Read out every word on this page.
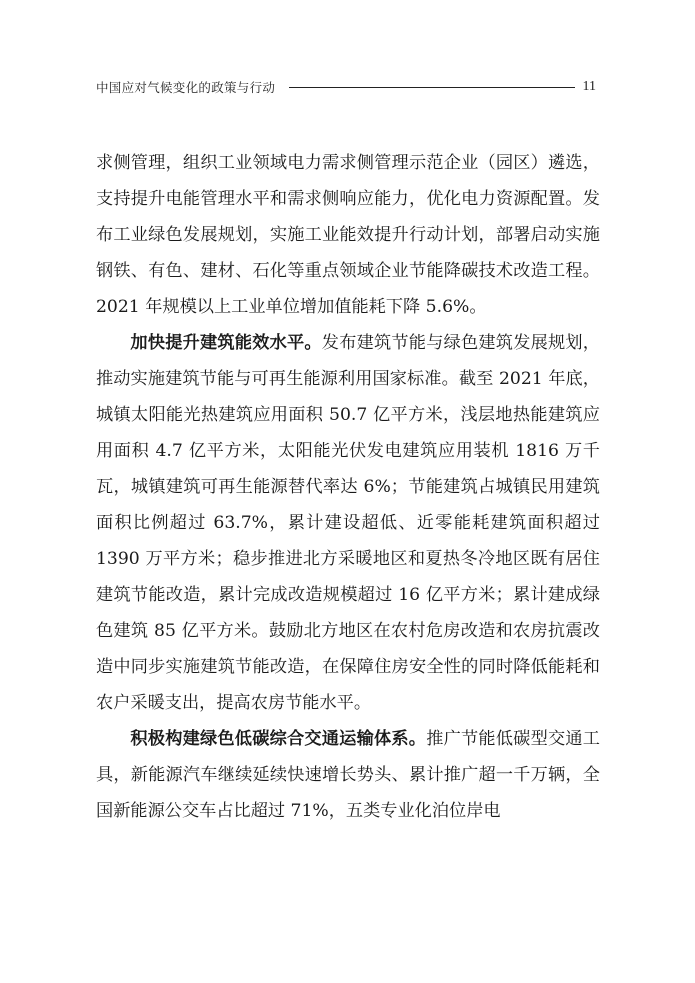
中国应对气候变化的政策与行动	11

求侧管理，组织工业领域电力需求侧管理示范企业（园区）遴选，支持提升电能管理水平和需求侧响应能力，优化电力资源配置。发布工业绿色发展规划，实施工业能效提升行动计划，部署启动实施钢铁、有色、建材、石化等重点领域企业节能降碳技术改造工程。2021 年规模以上工业单位增加值能耗下降 5.6%。

加快提升建筑能效水平。发布建筑节能与绿色建筑发展规划，推动实施建筑节能与可再生能源利用国家标准。截至 2021 年底，城镇太阳能光热建筑应用面积 50.7 亿平方米，浅层地热能建筑应用面积 4.7 亿平方米，太阳能光伏发电建筑应用装机 1816 万千瓦，城镇建筑可再生能源替代率达 6%；节能建筑占城镇民用建筑面积比例超过 63.7%，累计建设超低、近零能耗建筑面积超过 1390 万平方米；稳步推进北方采暖地区和夏热冬冷地区既有居住建筑节能改造，累计完成改造规模超过 16 亿平方米；累计建成绿色建筑 85 亿平方米。鼓励北方地区在农村危房改造和农房抗震改造中同步实施建筑节能改造，在保障住房安全性的同时降低能耗和农户采暖支出，提高农房节能水平。

积极构建绿色低碳综合交通运输体系。推广节能低碳型交通工具，新能源汽车继续延续快速增长势头、累计推广超一千万辆，全国新能源公交车占比超过 71%，五类专业化泊位岸电
